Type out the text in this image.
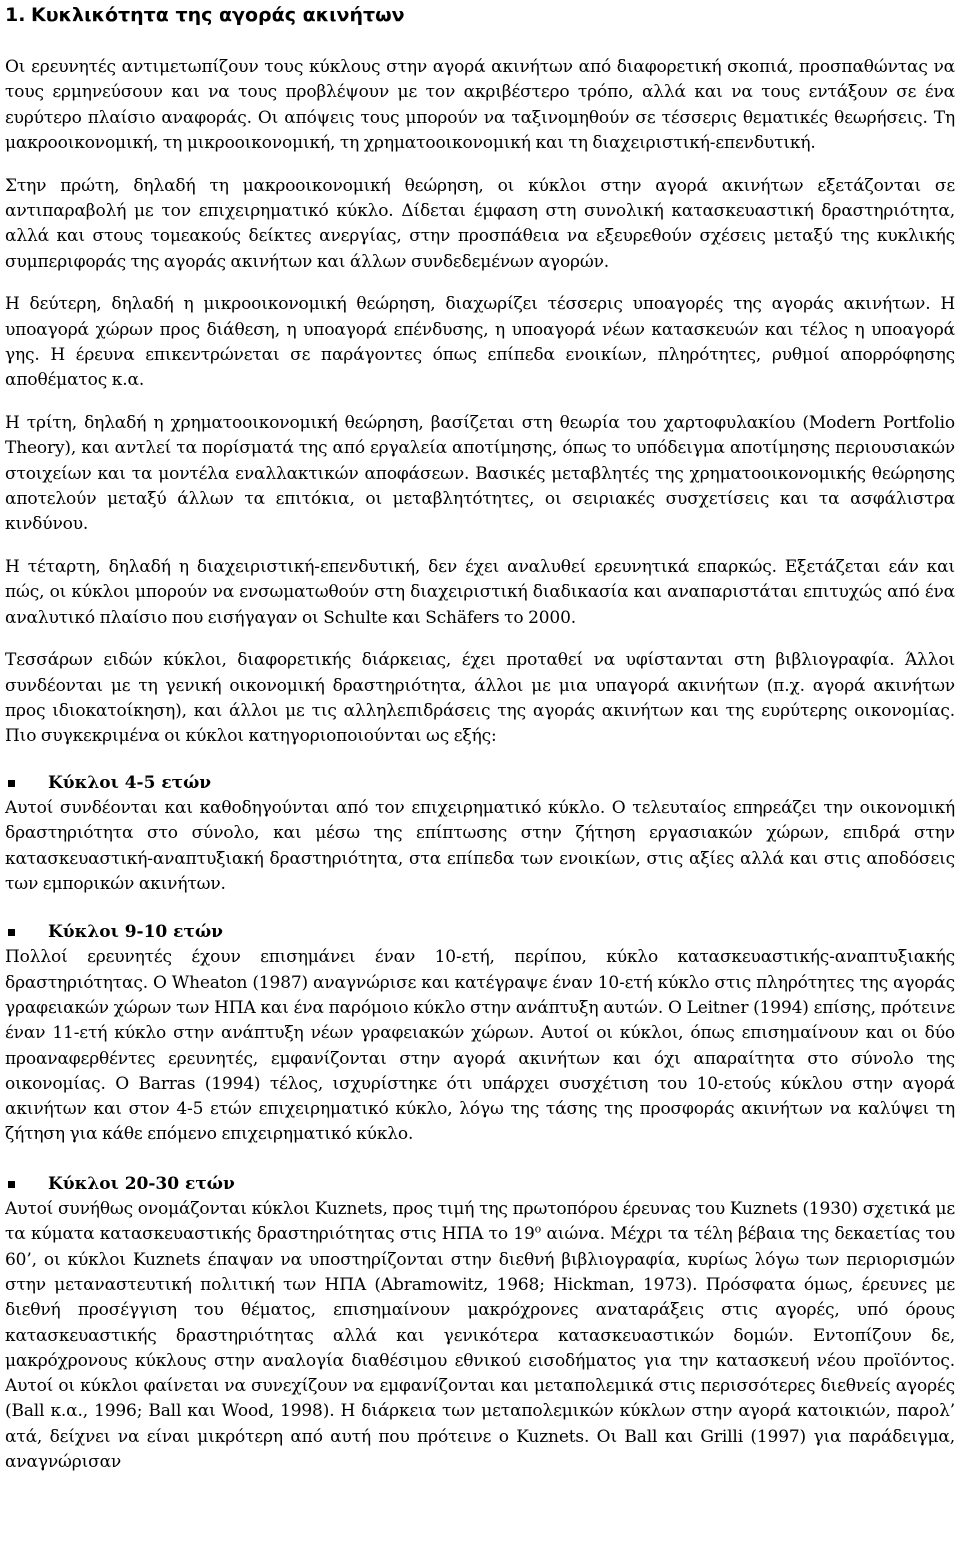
1. Κυκλικότητα της αγοράς ακινήτων

Οι ερευνητές αντιμετωπίζουν τους κύκλους στην αγορά ακινήτων από διαφορετική σκοπιά, προσπαθώντας να τους ερμηνεύσουν και να τους προβλέψουν με τον ακριβέστερο τρόπο, αλλά και να τους εντάξουν σε ένα ευρύτερο πλαίσιο αναφοράς. Οι απόψεις τους μπορούν να ταξινομηθούν σε τέσσερις θεματικές θεωρήσεις. Τη μακροοικονομική, τη μικροοικονομική, τη χρηματοοικονομική και τη διαχειριστική-επενδυτική.

Στην πρώτη, δηλαδή τη μακροοικονομική θεώρηση, οι κύκλοι στην αγορά ακινήτων εξετάζονται σε αντιπαραβολή με τον επιχειρηματικό κύκλο. Δίδεται έμφαση στη συνολική κατασκευαστική δραστηριότητα, αλλά και στους τομεακούς δείκτες ανεργίας, στην προσπάθεια να εξευρεθούν σχέσεις μεταξύ της κυκλικής συμπεριφοράς της αγοράς ακινήτων και άλλων συνδεδεμένων αγορών.

Η δεύτερη, δηλαδή η μικροοικονομική θεώρηση, διαχωρίζει τέσσερις υποαγορές της αγοράς ακινήτων. Η υποαγορά χώρων προς διάθεση, η υποαγορά επένδυσης, η υποαγορά νέων κατασκευών και τέλος η υποαγορά γης. Η έρευνα επικεντρώνεται σε παράγοντες όπως επίπεδα ενοικίων, πληρότητες, ρυθμοί απορρόφησης αποθέματος κ.α.

Η τρίτη, δηλαδή η χρηματοοικονομική θεώρηση, βασίζεται στη θεωρία του χαρτοφυλακίου (Modern Portfolio Theory), και αντλεί τα πορίσματά της από εργαλεία αποτίμησης, όπως το υπόδειγμα αποτίμησης περιουσιακών στοιχείων και τα μοντέλα εναλλακτικών αποφάσεων. Βασικές μεταβλητές της χρηματοοικονομικής θεώρησης αποτελούν μεταξύ άλλων τα επιτόκια, οι μεταβλητότητες, οι σειριακές συσχετίσεις και τα ασφάλιστρα κινδύνου.

Η τέταρτη, δηλαδή η διαχειριστική-επενδυτική, δεν έχει αναλυθεί ερευνητικά επαρκώς. Εξετάζεται εάν και πώς, οι κύκλοι μπορούν να ενσωματωθούν στη διαχειριστική διαδικασία και αναπαριστάται επιτυχώς από ένα αναλυτικό πλαίσιο που εισήγαγαν οι Schulte και Schäfers το 2000.

Τεσσάρων ειδών κύκλοι, διαφορετικής διάρκειας, έχει προταθεί να υφίστανται στη βιβλιογραφία. Άλλοι συνδέονται με τη γενική οικονομική δραστηριότητα, άλλοι με μια υπαγορά ακινήτων (π.χ. αγορά ακινήτων προς ιδιοκατοίκηση), και άλλοι με τις αλληλεπιδράσεις της αγοράς ακινήτων και της ευρύτερης οικονομίας. Πιο συγκεκριμένα οι κύκλοι κατηγοριοποιούνται ως εξής:

Κύκλοι 4-5 ετών

Αυτοί συνδέονται και καθοδηγούνται από τον επιχειρηματικό κύκλο. Ο τελευταίος επηρεάζει την οικονομική δραστηριότητα στο σύνολο, και μέσω της επίπτωσης στην ζήτηση εργασιακών χώρων, επιδρά στην κατασκευαστική-αναπτυξιακή δραστηριότητα, στα επίπεδα των ενοικίων, στις αξίες αλλά και στις αποδόσεις των εμπορικών ακινήτων.

Κύκλοι 9-10 ετών

Πολλοί ερευνητές έχουν επισημάνει έναν 10-ετή, περίπου, κύκλο κατασκευαστικής-αναπτυξιακής δραστηριότητας. Ο Wheaton (1987) αναγνώρισε και κατέγραψε έναν 10-ετή κύκλο στις πληρότητες της αγοράς γραφειακών χώρων των ΗΠΑ και ένα παρόμοιο κύκλο στην ανάπτυξη αυτών. Ο Leitner (1994) επίσης, πρότεινε έναν 11-ετή κύκλο στην ανάπτυξη νέων γραφειακών χώρων. Αυτοί οι κύκλοι, όπως επισημαίνουν και οι δύο προαναφερθέντες ερευνητές, εμφανίζονται στην αγορά ακινήτων και όχι απαραίτητα στο σύνολο της οικονομίας. Ο Barras (1994) τέλος, ισχυρίστηκε ότι υπάρχει συσχέτιση του 10-ετούς κύκλου στην αγορά ακινήτων και στον 4-5 ετών επιχειρηματικό κύκλο, λόγω της τάσης της προσφοράς ακινήτων να καλύψει τη ζήτηση για κάθε επόμενο επιχειρηματικό κύκλο.

Κύκλοι 20-30 ετών

Αυτοί συνήθως ονομάζονται κύκλοι Kuznets, προς τιμή της πρωτοπόρου έρευνας του Kuznets (1930) σχετικά με τα κύματα κατασκευαστικής δραστηριότητας στις ΗΠΑ το $19^o$ αιώνα. Μέχρι τα τέλη βέβαια της δεκαετίας του 60’, οι κύκλοι Kuznets έπαψαν να υποστηρίζονται στην διεθνή βιβλιογραφία, κυρίως λόγω των περιορισμών στην μεταναστευτική πολιτική των ΗΠΑ (Abramowitz, 1968; Hickman, 1973). Πρόσφατα όμως, έρευνες με διεθνή προσέγγιση του θέματος, επισημαίνουν μακρόχρονες αναταράξεις στις αγορές, υπό όρους κατασκευαστικής δραστηριότητας αλλά και γενικότερα κατασκευαστικών δομών. Εντοπίζουν δε, μακρόχρονους κύκλους στην αναλογία διαθέσιμου εθνικού εισοδήματος για την κατασκευή νέου προϊόντος. Αυτοί οι κύκλοι φαίνεται να συνεχίζουν να εμφανίζονται και μεταπολεμικά στις περισσότερες διεθνείς αγορές (Ball κ.α., 1996; Ball και Wood, 1998). Η διάρκεια των μεταπολεμικών κύκλων στην αγορά κατοικιών, παρολ’ ατά, δείχνει να είναι μικρότερη από αυτή που πρότεινε ο Kuznets. Οι Ball και Grilli (1997) για παράδειγμα, αναγνώρισαν
